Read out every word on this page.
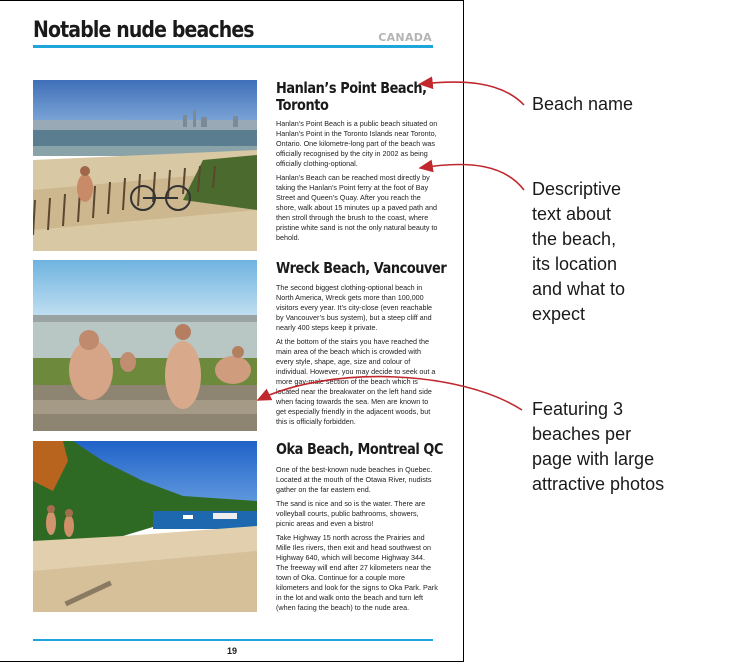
Notable nude beaches	CANADA
Hanlan’s Point Beach,
Toronto

Hanlan’s Point Beach is a public beach situated on Hanlan’s Point in the Toronto Islands near Toronto, Ontario. One kilometre-long part of the beach was officially recognised by the city in 2002 as being officially clothing-optional.

Hanlan’s Beach can be reached most directly by taking the Hanlan’s Point ferry at the foot of Bay Street and Queen’s Quay. After you reach the shore, walk about 15 minutes up a paved path and then stroll through the brush to the coast, where pristine white sand is not the only natural beauty to behold.

Wreck Beach, Vancouver

The second biggest clothing-optional beach in North America, Wreck gets more than 100,000 visitors every year. It’s city-close (even reachable by Vancouver’s bus system), but a steep cliff and nearly 400 steps keep it private.

At the bottom of the stairs you have reached the main area of the beach which is crowded with every style, shape, age, size and colour of individual. However, you may decide to seek out a more gay-male section of the beach which is located near the breakwater on the left hand side when facing towards the sea. Men are known to get especially friendly in the adjacent woods, but this is officially forbidden.

Oka Beach, Montreal QC

One of the best-known nude beaches in Quebec. Located at the mouth of the Otawa River, nudists gather on the far eastern end.

The sand is nice and so is the water. There are volleyball courts, public bathrooms, showers, picnic areas and even a bistro!

Take Highway 15 north across the Prairies and Mille Iles rivers, then exit and head southwest on Highway 640, which will become Highway 344. The freeway will end after 27 kilometers near the town of Oka. Continue for a couple more kilometers and look for the signs to Oka Park. Park in the lot and walk onto the beach and turn left (when facing the beach) to the nude area.

19
Beach name
Descriptive
text about
the beach,
its location
and what to
expect
Featuring 3
beaches per
page with large
attractive photos
